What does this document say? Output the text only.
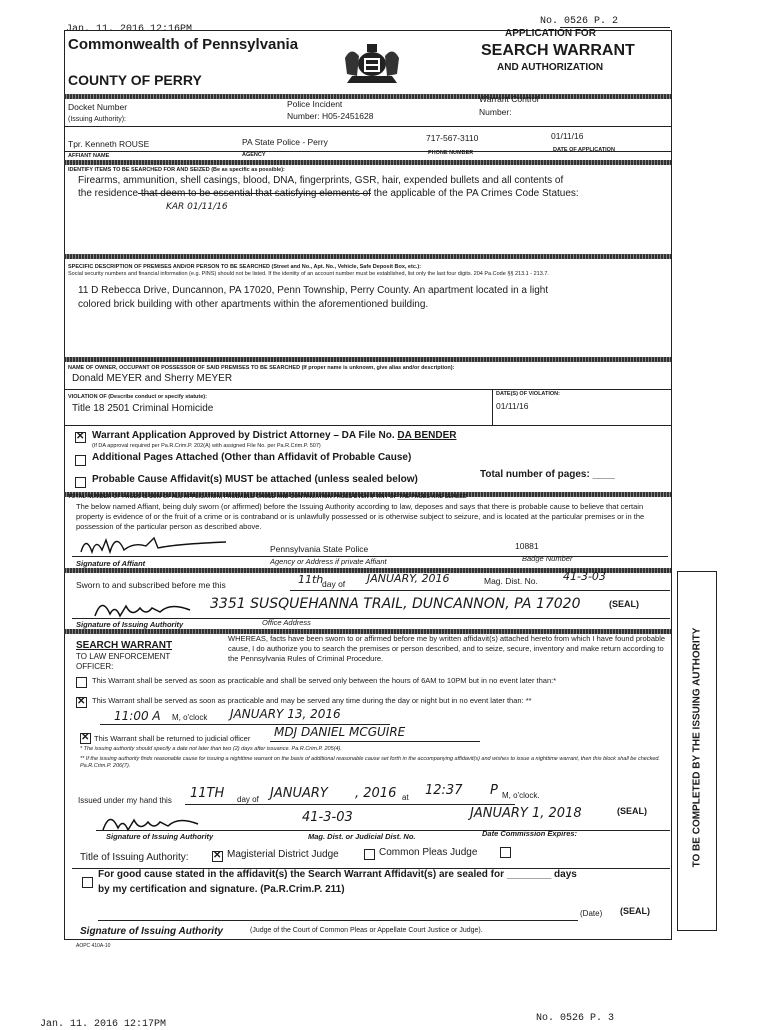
Jan. 11. 2016 12:16PM
No. 0526 P. 2
Commonwealth of Pennsylvania
COUNTY OF PERRY
APPLICATION FOR
SEARCH WARRANT
AND AUTHORIZATION
Docket Number
(Issuing Authority):
Police Incident
Number: H05-2451628
Warrant Control
Number:
Tpr. Kenneth ROUSE	PA State Police - Perry	717-567-3110	01/11/16
AFFIANT NAME	AGENCY	PHONE NUMBER	DATE OF APPLICATION
IDENTIFY ITEMS TO BE SEARCHED FOR AND SEIZED (Be as specific as possible):
Firearms, ammunition, shell casings, blood, DNA, fingerprints, GSR, hair, expended bullets and all contents of
the residence that deem to be essential that satisfying elements of the applicable of the PA Crimes Code Statues:
KAR 01/11/16
SPECIFIC DESCRIPTION OF PREMISES AND/OR PERSON TO BE SEARCHED (Street and No., Apt. No., Vehicle, Safe Deposit Box, etc.):
Social security numbers and financial information (e.g. PINS) should not be listed. If the identity of an account number must be established, list only the last four digits. 204 Pa.Code §§ 213.1 - 213.7.
11 D Rebecca Drive, Duncannon, PA 17020, Penn Township, Perry County. An apartment located in a light
colored brick building with other apartments within the aforementioned building.
NAME OF OWNER, OCCUPANT OR POSSESSOR OF SAID PREMISES TO BE SEARCHED (If proper name is unknown, give alias and/or description):
Donald MEYER and Sherry MEYER
VIOLATION OF (Describe conduct or specify statute):
Title 18 2501 Criminal Homicide
DATE(S) OF VIOLATION:
01/11/16
✕
Warrant Application Approved by District Attorney – DA File No. DA BENDER
(If DA approval required per Pa.R.Crim.P. 202(A) with assigned File No. per Pa.R.Crim.P. 507)
Additional Pages Attached (Other than Affidavit of Probable Cause)
Probable Cause Affidavit(s) MUST be attached (unless sealed below)	Total number of pages: ____
TOTAL NUMBER OF PAGES IS SUM OF ALL APPLICATION, PROBABLE CAUSE AND CONTINUATION PAGES EVEN IF ANY OF THE PAGES ARE SEALED
The below named Affiant, being duly sworn (or affirmed) before the Issuing Authority according to law, deposes and says that there is probable cause to believe that certain property is evidence of or the fruit of a crime or is contraband or is unlawfully possessed or is otherwise subject to seizure, and is located at the particular premises or in the possession of the particular person as described above.
Pennsylvania State Police	10881
Signature of Affiant	Agency or Address if private Affiant	Badge Number
Sworn to and subscribed before me this	11th
day of JANUARY, 2016	Mag. Dist. No. 41-3-03
3351 SUSQUEHANNA TRAIL, DUNCANNON, PA 17020	(SEAL)
Signature of Issuing Authority	Office Address
TO BE COMPLETED BY THE ISSUING AUTHORITY
SEARCH WARRANT
TO LAW ENFORCEMENT
OFFICER:
WHEREAS, facts have been sworn to or affirmed before me by written affidavit(s) attached hereto from which I have found probable cause, I do authorize you to search the premises or person described, and to seize, secure, inventory and make return according to the Pennsylvania Rules of Criminal Procedure.
This Warrant shall be served as soon as practicable and shall be served only between the hours of 6AM to 10PM but in no event later than:*
✕
This Warrant shall be served as soon as practicable and may be served any time during the day or night but in no event later than: **
11:00 A M, o'clock JANUARY 13, 2016
✕
This Warrant shall be returned to judicial officer MDJ DANIEL MCGUIRE
* The issuing authority should specify a date not later than two (2) days after issuance. Pa.R.Crim.P. 205(4).
** If the issuing authority finds reasonable cause for issuing a nighttime warrant on the basis of additional reasonable cause set forth in the accompanying affidavit(s) and wishes to issue a nighttime warrant, then this block shall be checked. Pa.R.Crim.P. 206(7).
Issued under my hand this 11TH day of JANUARY , 2016 at 12:37 P M, o'clock.
41-3-03	JANUARY 1, 2018	(SEAL)
Signature of Issuing Authority	Mag. Dist. or Judicial Dist. No.	Date Commission Expires:
Title of Issuing Authority:
✕	Magisterial District Judge	Common Pleas Judge
For good cause stated in the affidavit(s) the Search Warrant Affidavit(s) are sealed for ________ days
by my certification and signature. (Pa.R.Crim.P. 211)
(Date) (SEAL)
Signature of Issuing Authority	(Judge of the Court of Common Pleas or Appellate Court Justice or Judge).
AOPC 410A-10
Jan. 11. 2016 12:17PM
No. 0526 P. 3
